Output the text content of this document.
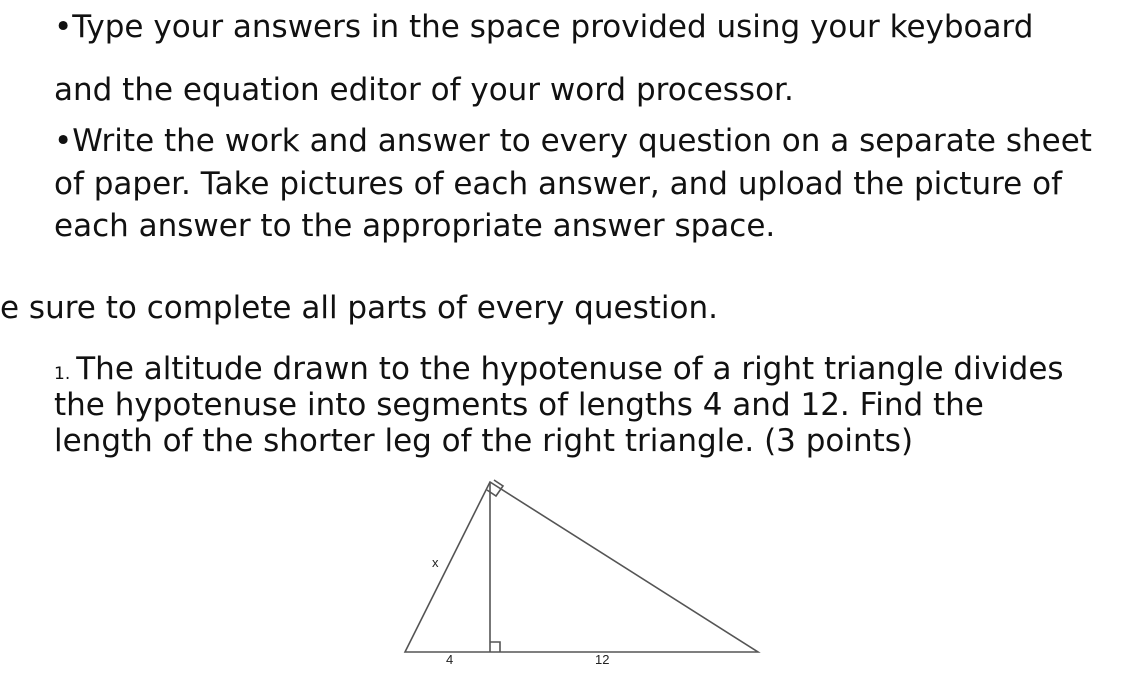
•Type your answers in the space provided using your keyboard
and the equation editor of your word processor.
•Write the work and answer to every question on a separate sheet
of paper. Take pictures of each answer, and upload the picture of
each answer to the appropriate answer space.
e sure to complete all parts of every question.
1. The altitude drawn to the hypotenuse of a right triangle divides
the hypotenuse into segments of lengths 4 and 12. Find the
length of the shorter leg of the right triangle. (3 points)
x
4	12
